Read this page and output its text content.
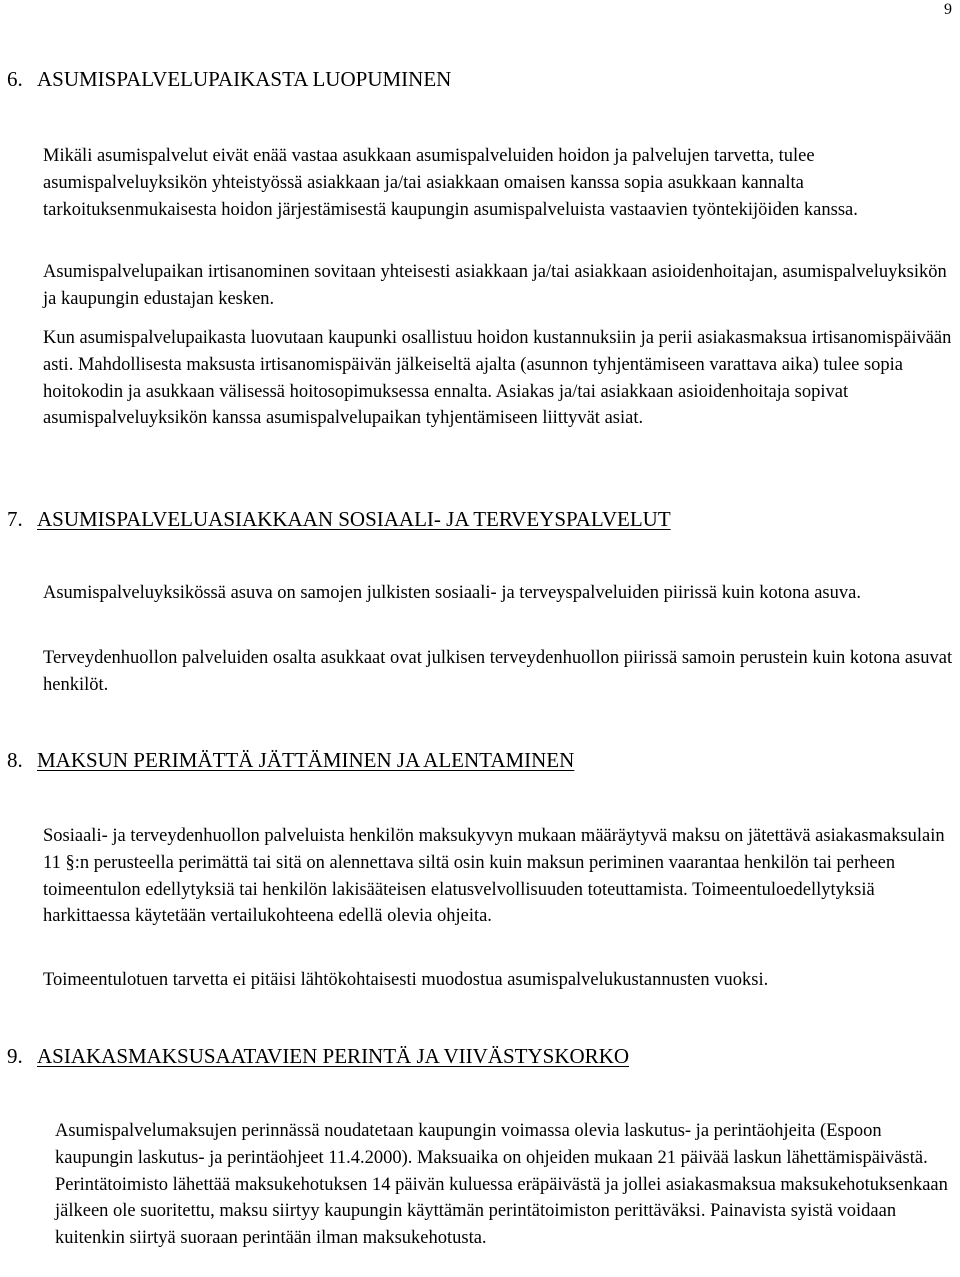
9
6. ASUMISPALVELUPAIKASTA LUOPUMINEN

Mikäli asumispalvelut eivät enää vastaa asukkaan asumispalveluiden hoidon ja palvelujen tarvetta, tulee asumispalveluyksikön yhteistyössä asiakkaan ja/tai asiakkaan omaisen kanssa sopia asukkaan kannalta tarkoituksenmukaisesta hoidon järjestämisestä kaupungin asumispalveluista vastaavien työntekijöiden kanssa.

Asumispalvelupaikan irtisanominen sovitaan yhteisesti asiakkaan ja/tai asiakkaan asioidenhoitajan, asumispalveluyksikön ja kaupungin edustajan kesken.

Kun asumispalvelupaikasta luovutaan kaupunki osallistuu hoidon kustannuksiin ja perii asiakasmaksua irtisanomispäivään asti. Mahdollisesta maksusta irtisanomispäivän jälkeiseltä ajalta (asunnon tyhjentämiseen varattava aika) tulee sopia hoitokodin ja asukkaan välisessä hoitosopimuksessa ennalta. Asiakas ja/tai asiakkaan asioidenhoitaja sopivat asumispalveluyksikön kanssa asumispalvelupaikan tyhjentämiseen liittyvät asiat.

7. ASUMISPALVELUASIAKKAAN SOSIAALI- JA TERVEYSPALVELUT

Asumispalveluyksikössä asuva on samojen julkisten sosiaali- ja terveyspalveluiden piirissä kuin kotona asuva.

Terveydenhuollon palveluiden osalta asukkaat ovat julkisen terveydenhuollon piirissä samoin perustein kuin kotona asuvat henkilöt.

8. MAKSUN PERIMÄTTÄ JÄTTÄMINEN JA ALENTAMINEN

Sosiaali- ja terveydenhuollon palveluista henkilön maksukyvyn mukaan määräytyvä maksu on jätettävä asiakasmaksulain 11 §:n perusteella perimättä tai sitä on alennettava siltä osin kuin maksun periminen vaarantaa henkilön tai perheen toimeentulon edellytyksiä tai henkilön lakisääteisen elatusvelvollisuuden toteuttamista. Toimeentuloedellytyksiä harkittaessa käytetään vertailukohteena edellä olevia ohjeita.

Toimeentulotuen tarvetta ei pitäisi lähtökohtaisesti muodostua asumispalvelukustannusten vuoksi.

9. ASIAKASMAKSUSAATAVIEN PERINTÄ JA VIIVÄSTYSKORKO

Asumispalvelumaksujen perinnässä noudatetaan kaupungin voimassa olevia laskutus- ja perintäohjeita (Espoon kaupungin laskutus- ja perintäohjeet 11.4.2000). Maksuaika on ohjeiden mukaan 21 päivää laskun lähettämispäivästä. Perintätoimisto lähettää maksukehotuksen 14 päivän kuluessa eräpäivästä ja jollei asiakasmaksua maksukehotuksenkaan jälkeen ole suoritettu, maksu siirtyy kaupungin käyttämän perintätoimiston perittäväksi. Painavista syistä voidaan kuitenkin siirtyä suoraan perintään ilman maksukehotusta.
